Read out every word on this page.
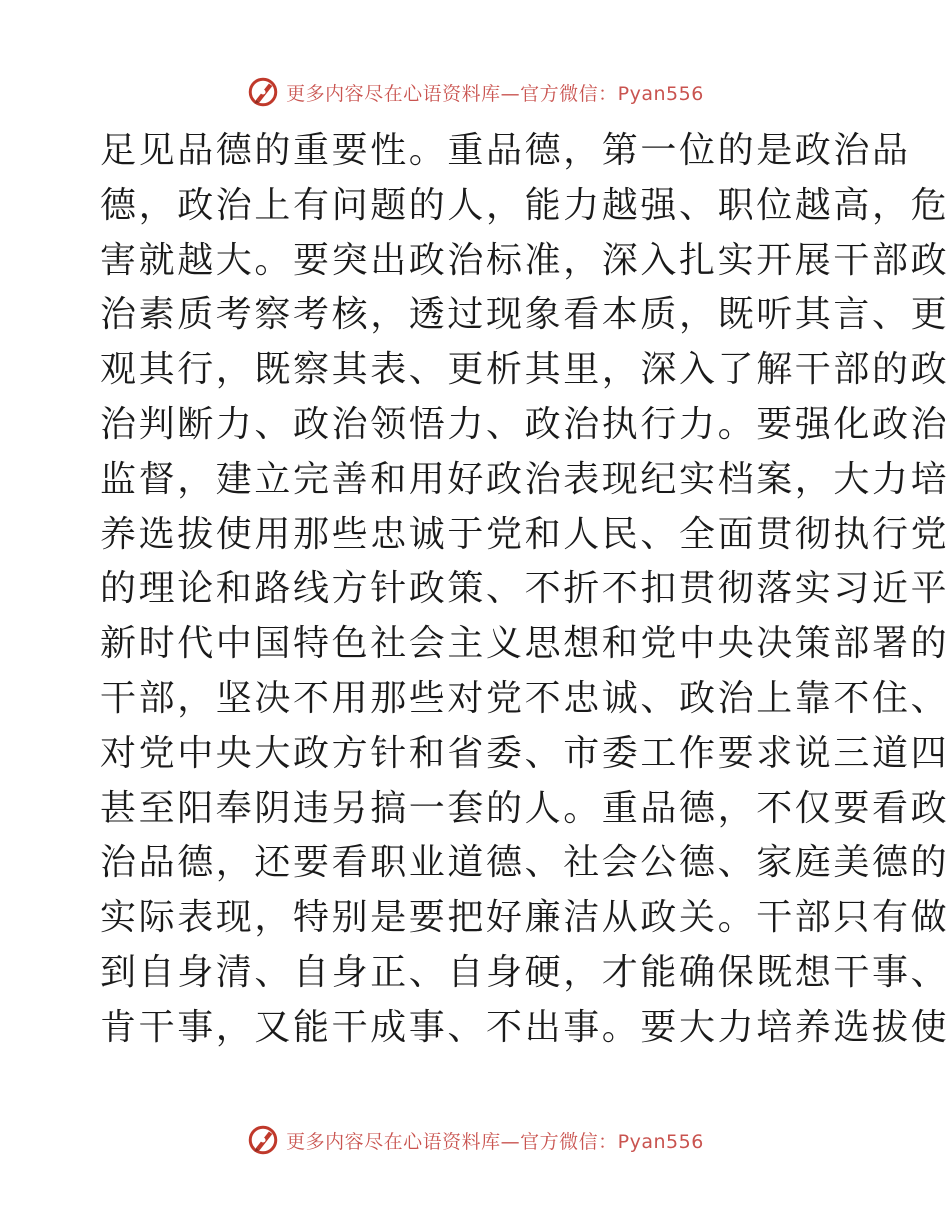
更多内容尽在心语资料库—官方微信：Pyan556
足见品德的重要性。重品德，第一位的是政治品
德，政治上有问题的人，能力越强、职位越高，危
害就越大。要突出政治标准，深入扎实开展干部政
治素质考察考核，透过现象看本质，既听其言、更
观其行，既察其表、更析其里，深入了解干部的政
治判断力、政治领悟力、政治执行力。要强化政治
监督，建立完善和用好政治表现纪实档案，大力培
养选拔使用那些忠诚于党和人民、全面贯彻执行党
的理论和路线方针政策、不折不扣贯彻落实习近平
新时代中国特色社会主义思想和党中央决策部署的
干部，坚决不用那些对党不忠诚、政治上靠不住、
对党中央大政方针和省委、市委工作要求说三道四
甚至阳奉阴违另搞一套的人。重品德，不仅要看政
治品德，还要看职业道德、社会公德、家庭美德的
实际表现，特别是要把好廉洁从政关。干部只有做
到自身清、自身正、自身硬，才能确保既想干事、
肯干事，又能干成事、不出事。要大力培养选拔使
更多内容尽在心语资料库—官方微信：Pyan556
